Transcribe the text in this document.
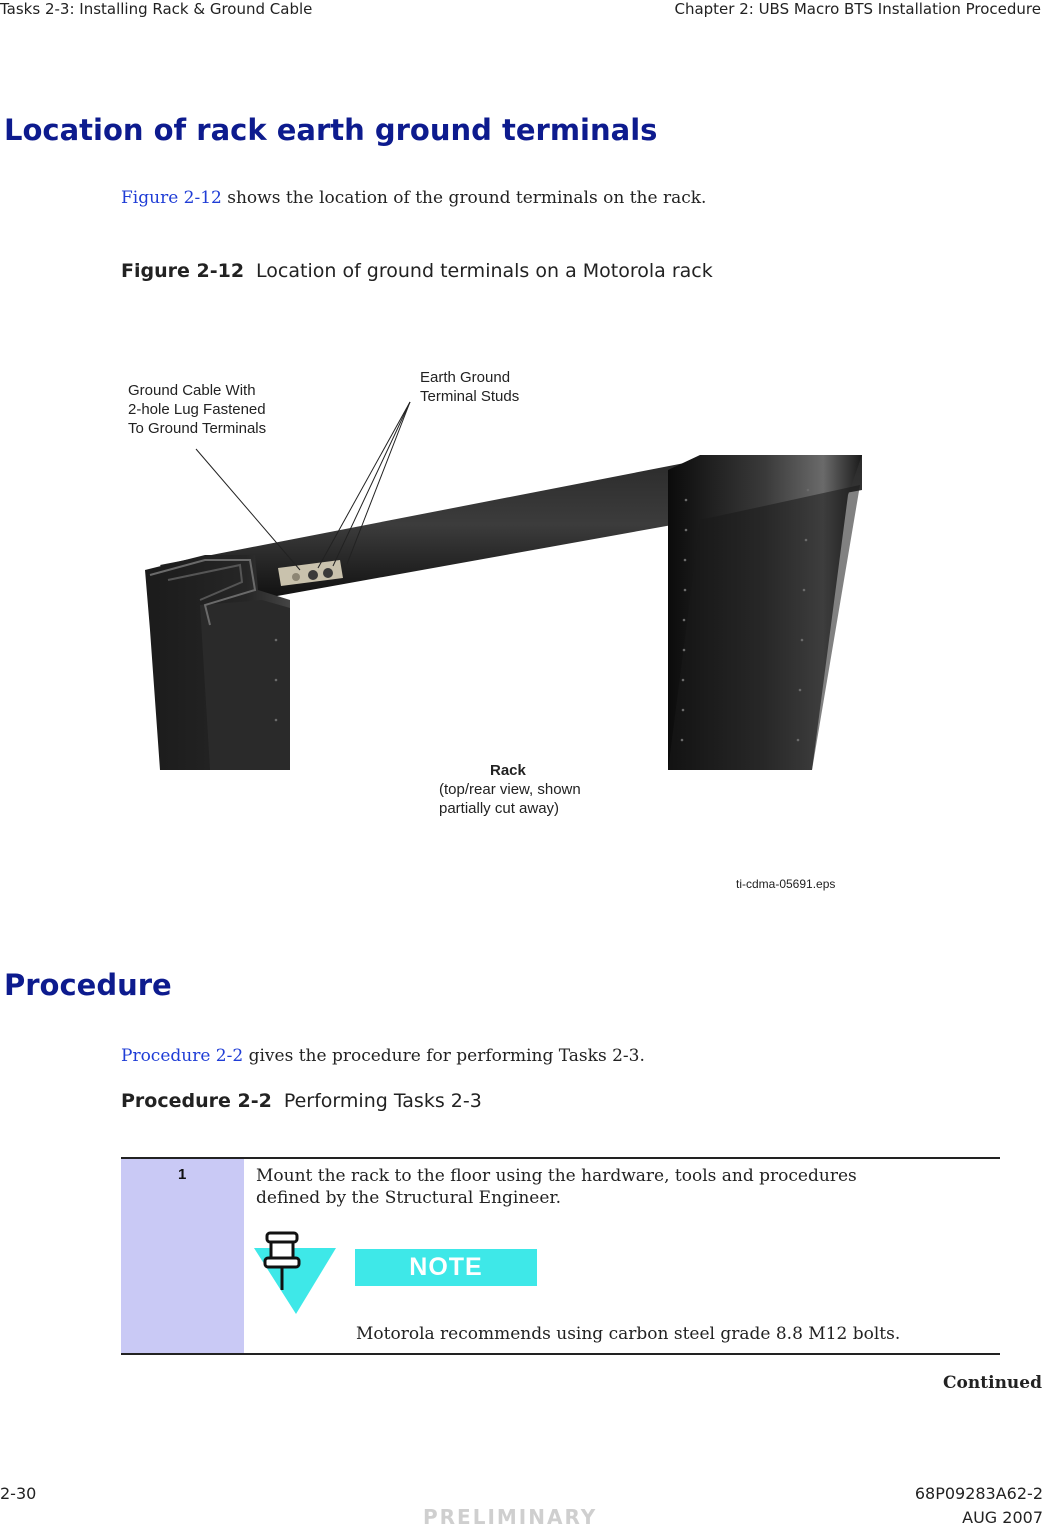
Tasks 2-3: Installing Rack & Ground Cable	Chapter 2: UBS Macro BTS Installation Procedure
Location of rack earth ground terminals
Figure 2-12 shows the location of the ground terminals on the rack.
Figure 2-12 Location of ground terminals on a Motorola rack
Ground Cable With
2-hole Lug Fastened
To Ground Terminals
Earth Ground
Terminal Studs
Rack
(top/rear view, shown
partially cut away)
ti-cdma-05691.eps
Procedure
Procedure 2-2 gives the procedure for performing Tasks 2-3.
Procedure 2-2 Performing Tasks 2-3
1	Mount the rack to the floor using the hardware, tools and procedures
defined by the Structural Engineer.
NOTE
Motorola recommends using carbon steel grade 8.8 M12 bolts.
Continued
2-30	68P09283A62-2
PRELIMINARY	AUG 2007
